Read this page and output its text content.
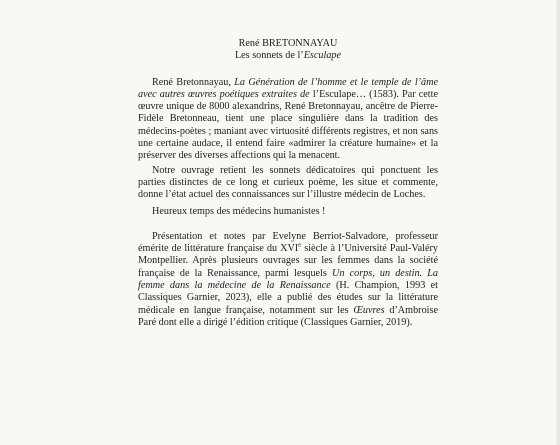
René BRETONNAYAU
Les sonnets de l’Esculape

René Bretonnayau, La Génération de l’homme et le temple de l’âme avec autres œuvres poétiques extraites de l’Esculape… (1583). Par cette œuvre unique de 8000 alexandrins, René Bretonnayau, ancêtre de Pierre-Fidèle Bretonneau, tient une place singulière dans la tradition des médecins-poètes ; maniant avec virtuosité différents registres, et non sans une certaine audace, il entend faire «admirer la créature humaine» et la préserver des diverses affections qui la menacent.

Notre ouvrage retient les sonnets dédicatoires qui ponctuent les parties distinctes de ce long et curieux poème, les situe et commente, donne l’état actuel des connaissances sur l’illustre médecin de Loches.

Heureux temps des médecins humanistes !

Présentation et notes par Evelyne Berriot-Salvadore, professeur émérite de littérature française du XVIe siècle à l’Université Paul-Valéry Montpellier. Après plusieurs ouvrages sur les femmes dans la société française de la Renaissance, parmi lesquels Un corps, un destin. La femme dans la médecine de la Renaissance (H. Champion, 1993 et Classiques Garnier, 2023), elle a publié des études sur la littérature médicale en langue française, notamment sur les Œuvres d’Ambroise Paré dont elle a dirigé l’édition critique (Classiques Garnier, 2019).
